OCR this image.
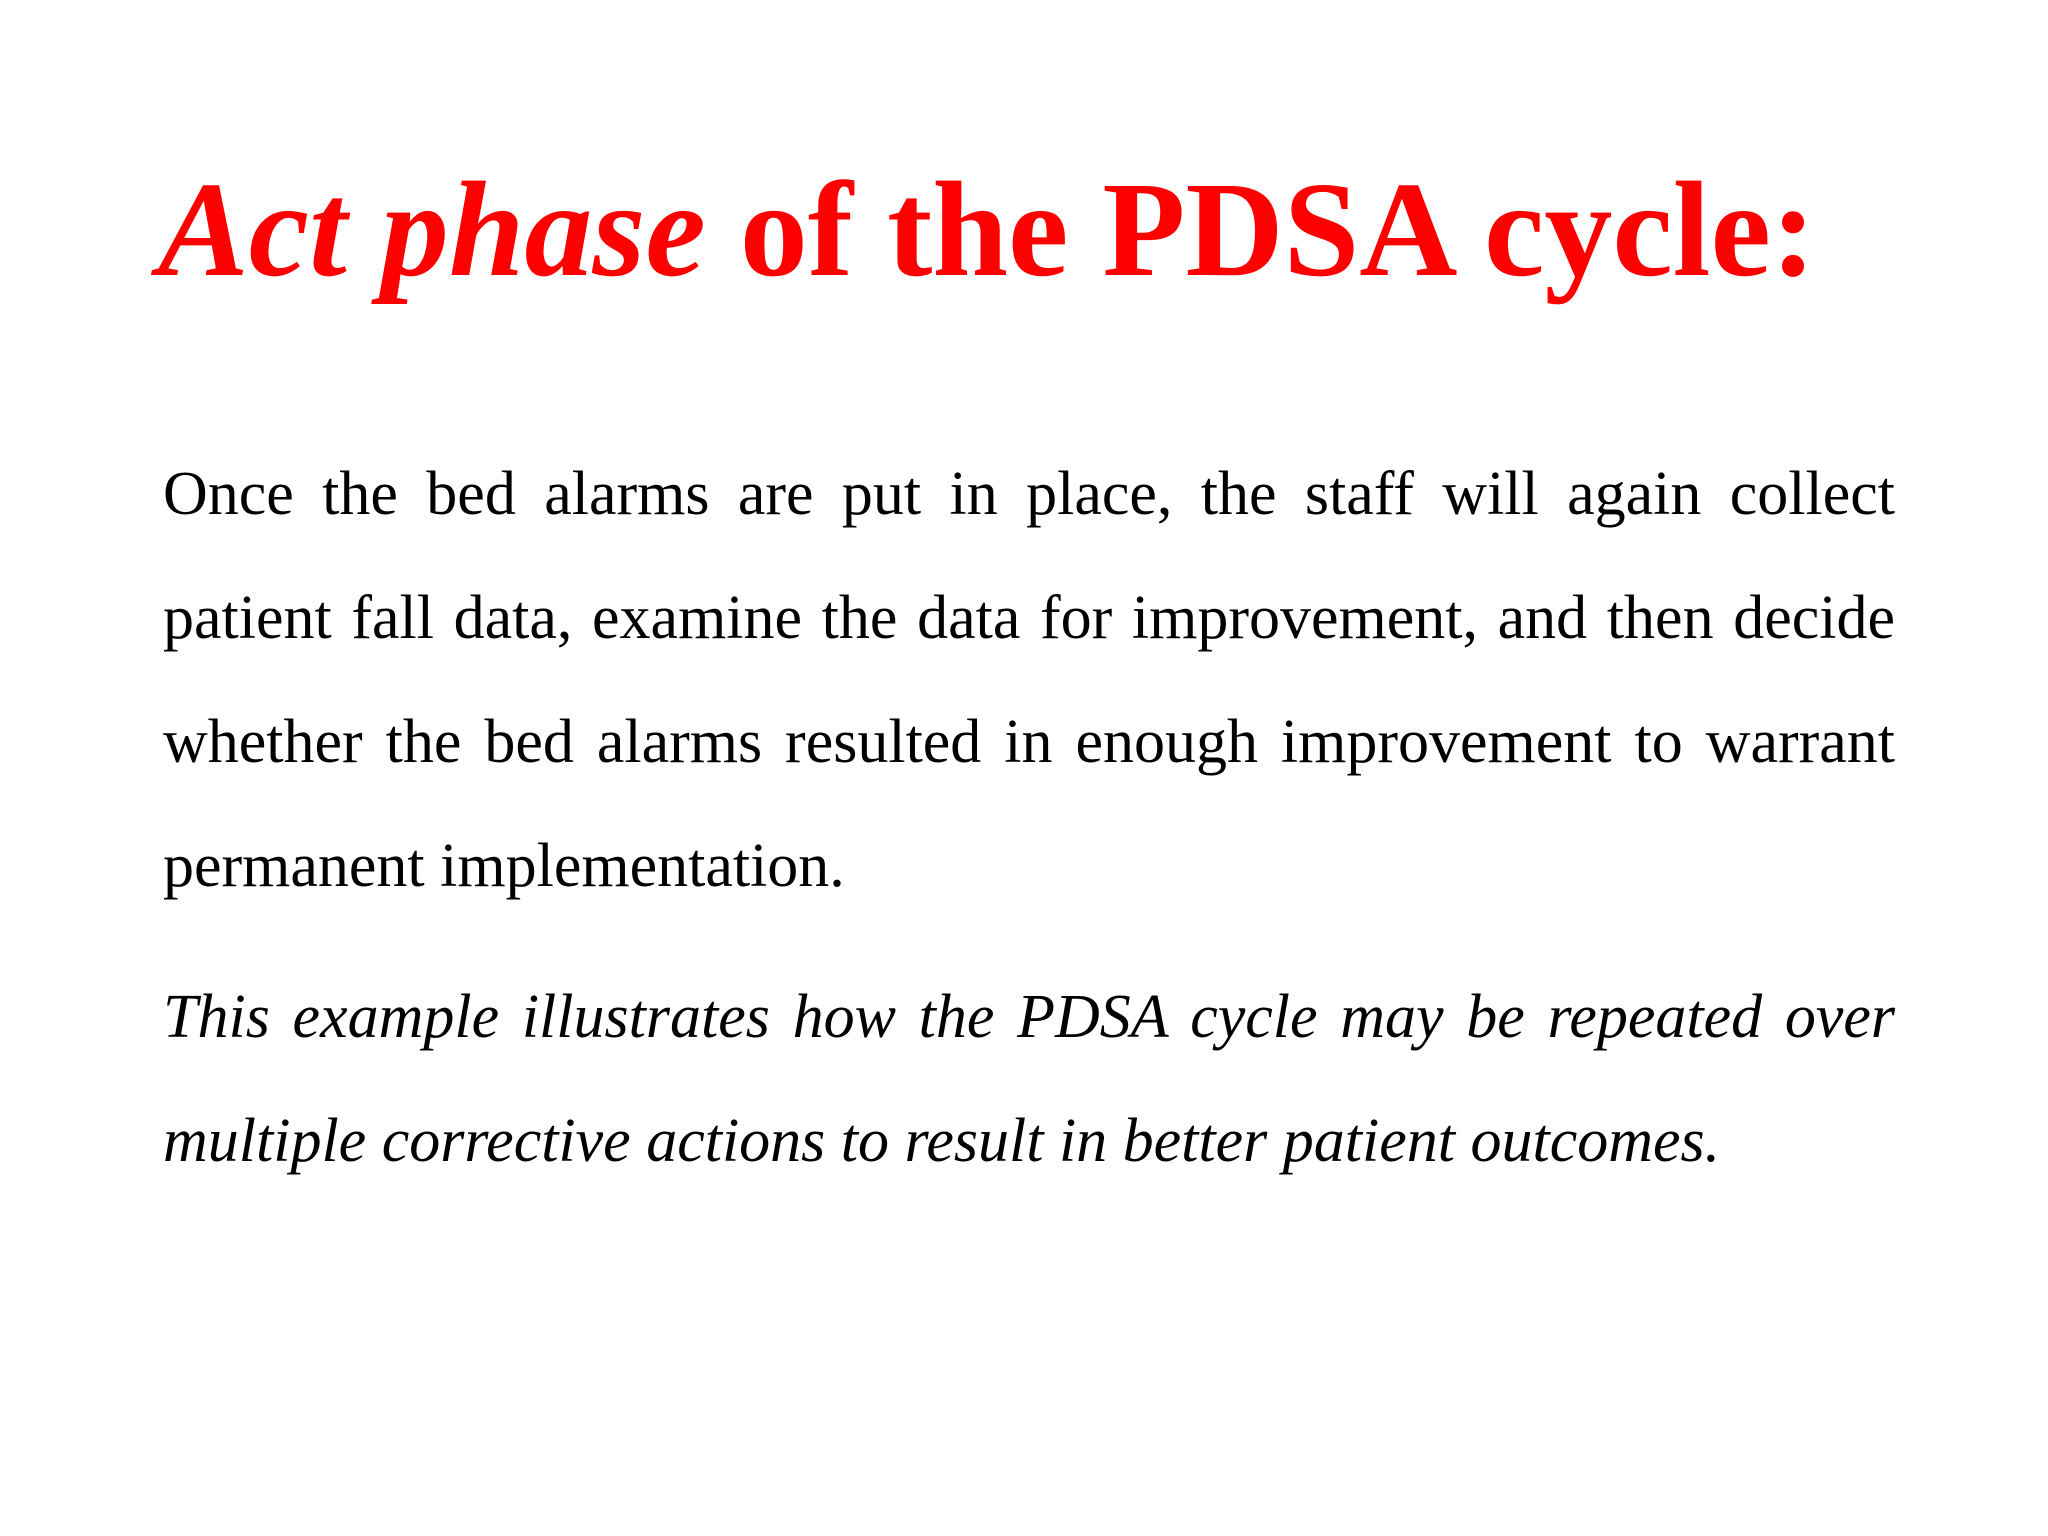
Act phase of the PDSA cycle:

Once the bed alarms are put in place, the staff will again collect patient fall data, examine the data for improvement, and then decide whether the bed alarms resulted in enough improvement to warrant permanent implementation.

This example illustrates how the PDSA cycle may be repeated over multiple corrective actions to result in better patient outcomes.
